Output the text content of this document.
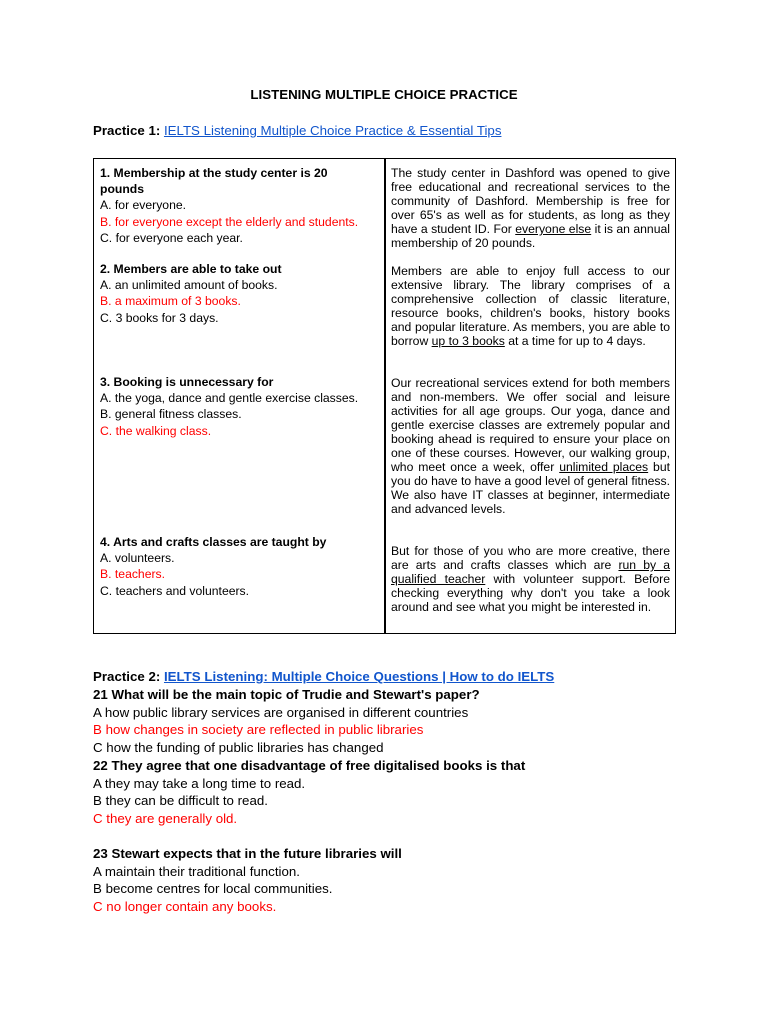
LISTENING MULTIPLE CHOICE PRACTICE
Practice 1: IELTS Listening Multiple Choice Practice & Essential Tips
1. Membership at the study center is 20
pounds
A. for everyone.
B. for everyone except the elderly and students.
C. for everyone each year.
2. Members are able to take out
A. an unlimited amount of books.
B. a maximum of 3 books.
C. 3 books for 3 days.
3. Booking is unnecessary for
A. the yoga, dance and gentle exercise classes.
B. general fitness classes.
C. the walking class.
4. Arts and crafts classes are taught by
A. volunteers.
B. teachers.
C. teachers and volunteers.
The study center in Dashford was opened to give free educational and recreational services to the community of Dashford. Membership is free for over 65's as well as for students, as long as they have a student ID. For everyone else it is an annual membership of 20 pounds.
Members are able to enjoy full access to our extensive library. The library comprises of a comprehensive collection of classic literature, resource books, children's books, history books and popular literature. As members, you are able to borrow up to 3 books at a time for up to 4 days.
Our recreational services extend for both members and non-members. We offer social and leisure activities for all age groups. Our yoga, dance and gentle exercise classes are extremely popular and booking ahead is required to ensure your place on one of these courses. However, our walking group, who meet once a week, offer unlimited places but you do have to have a good level of general fitness. We also have IT classes at beginner, intermediate and advanced levels.
But for those of you who are more creative, there are arts and crafts classes which are run by a qualified teacher with volunteer support. Before checking everything why don't you take a look around and see what you might be interested in.
Practice 2: IELTS Listening: Multiple Choice Questions | How to do IELTS
21 What will be the main topic of Trudie and Stewart's paper?
A how public library services are organised in different countries
B how changes in society are reflected in public libraries
C how the funding of public libraries has changed
22 They agree that one disadvantage of free digitalised books is that
A they may take a long time to read.
B they can be difficult to read.
C they are generally old.
23 Stewart expects that in the future libraries will
A maintain their traditional function.
B become centres for local communities.
C no longer contain any books.
